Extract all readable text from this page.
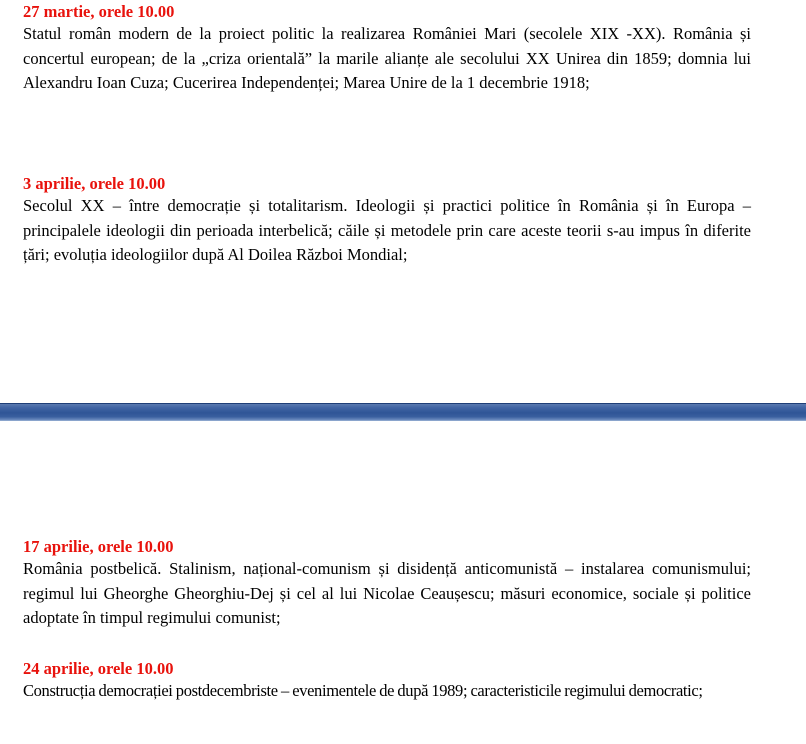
27 martie, orele 10.00

Statul român modern de la proiect politic la realizarea României Mari (secolele XIX -XX). România și concertul european; de la „criza orientală” la marile alianțe ale secolului XX Unirea din 1859; domnia lui Alexandru Ioan Cuza; Cucerirea Independenței; Marea Unire de la 1 decembrie 1918;

3 aprilie, orele 10.00

Secolul XX – între democrație și totalitarism. Ideologii și practici politice în România și în Europa – principalele ideologii din perioada interbelică; căile și metodele prin care aceste teorii s-au impus în diferite țări; evoluția ideologiilor după Al Doilea Război Mondial;

17 aprilie, orele 10.00

România postbelică. Stalinism, național-comunism și disidență anticomunistă – instalarea comunismului; regimul lui Gheorghe Gheorghiu-Dej și cel al lui Nicolae Ceaușescu; măsuri economice, sociale și politice adoptate în timpul regimului comunist;

24 aprilie, orele 10.00

Construcția democrației postdecembriste – evenimentele de după 1989; caracteristicile regimului democratic;
